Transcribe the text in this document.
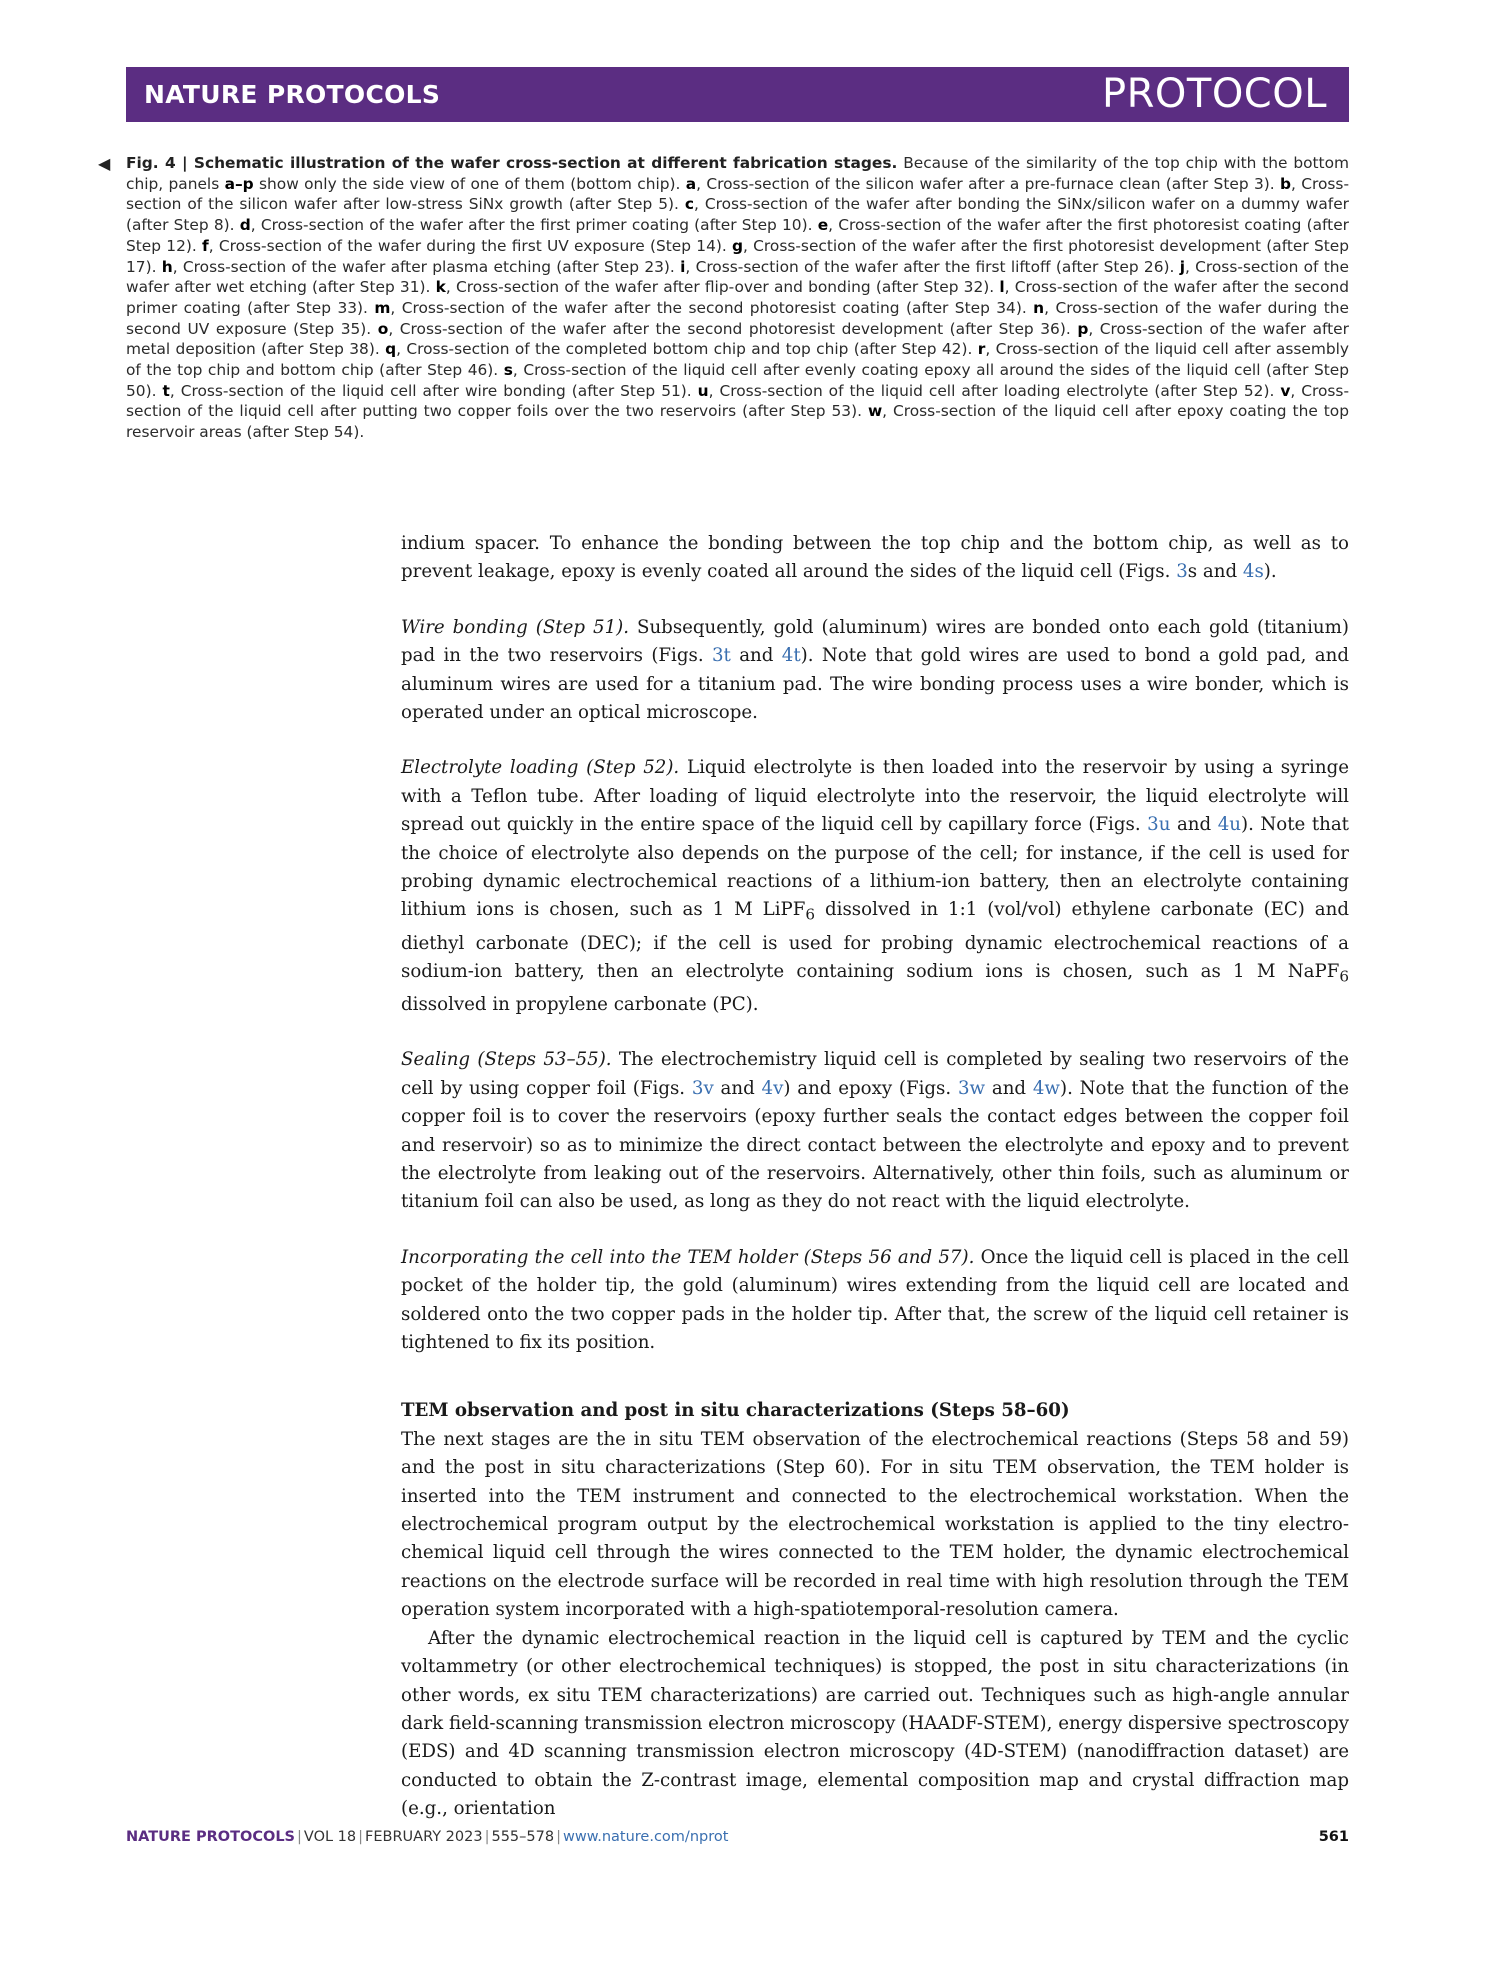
NATURE PROTOCOLS	PROTOCOL
◀ Fig. 4 | Schematic illustration of the wafer cross-section at different fabrication stages. Because of the similarity of the top chip with the bottom chip, panels a–p show only the side view of one of them (bottom chip). a, Cross-section of the silicon wafer after a pre-furnace clean (after Step 3). b, Cross-section of the silicon wafer after low-stress SiNx growth (after Step 5). c, Cross-section of the wafer after bonding the SiNx/silicon wafer on a dummy wafer (after Step 8). d, Cross-section of the wafer after the first primer coating (after Step 10). e, Cross-section of the wafer after the first photoresist coating (after Step 12). f, Cross-section of the wafer during the first UV exposure (Step 14). g, Cross-section of the wafer after the first photoresist development (after Step 17). h, Cross-section of the wafer after plasma etching (after Step 23). i, Cross-section of the wafer after the first liftoff (after Step 26). j, Cross-section of the wafer after wet etching (after Step 31). k, Cross-section of the wafer after flip-over and bonding (after Step 32). l, Cross-section of the wafer after the second primer coating (after Step 33). m, Cross-section of the wafer after the second photoresist coating (after Step 34). n, Cross-section of the wafer during the second UV exposure (Step 35). o, Cross-section of the wafer after the second photoresist development (after Step 36). p, Cross-section of the wafer after metal deposition (after Step 38). q, Cross-section of the completed bottom chip and top chip (after Step 42). r, Cross-section of the liquid cell after assembly of the top chip and bottom chip (after Step 46). s, Cross-section of the liquid cell after evenly coating epoxy all around the sides of the liquid cell (after Step 50). t, Cross-section of the liquid cell after wire bonding (after Step 51). u, Cross-section of the liquid cell after loading electrolyte (after Step 52). v, Cross-section of the liquid cell after putting two copper foils over the two reservoirs (after Step 53). w, Cross-section of the liquid cell after epoxy coating the top reservoir areas (after Step 54).

indium spacer. To enhance the bonding between the top chip and the bottom chip, as well as to prevent leakage, epoxy is evenly coated all around the sides of the liquid cell (Figs. 3s and 4s).

Wire bonding (Step 51). Subsequently, gold (aluminum) wires are bonded onto each gold (titanium) pad in the two reservoirs (Figs. 3t and 4t). Note that gold wires are used to bond a gold pad, and aluminum wires are used for a titanium pad. The wire bonding process uses a wire bonder, which is operated under an optical microscope.

Electrolyte loading (Step 52). Liquid electrolyte is then loaded into the reservoir by using a syringe with a Teflon tube. After loading of liquid electrolyte into the reservoir, the liquid electrolyte will spread out quickly in the entire space of the liquid cell by capillary force (Figs. 3u and 4u). Note that the choice of electrolyte also depends on the purpose of the cell; for instance, if the cell is used for probing dynamic electrochemical reactions of a lithium-ion battery, then an electrolyte containing lithium ions is chosen, such as 1 M LiPF$_6$ dissolved in 1:1 (vol/vol) ethylene carbonate (EC) and diethyl carbonate (DEC); if the cell is used for probing dynamic electrochemical reactions of a sodium-ion battery, then an electrolyte containing sodium ions is chosen, such as 1 M NaPF$_6$ dissolved in propylene carbonate (PC).

Sealing (Steps 53–55). The electrochemistry liquid cell is completed by sealing two reservoirs of the cell by using copper foil (Figs. 3v and 4v) and epoxy (Figs. 3w and 4w). Note that the function of the copper foil is to cover the reservoirs (epoxy further seals the contact edges between the copper foil and reservoir) so as to minimize the direct contact between the electrolyte and epoxy and to prevent the electrolyte from leaking out of the reservoirs. Alternatively, other thin foils, such as aluminum or titanium foil can also be used, as long as they do not react with the liquid electrolyte.

Incorporating the cell into the TEM holder (Steps 56 and 57). Once the liquid cell is placed in the cell pocket of the holder tip, the gold (aluminum) wires extending from the liquid cell are located and soldered onto the two copper pads in the holder tip. After that, the screw of the liquid cell retainer is tightened to fix its position.

TEM observation and post in situ characterizations (Steps 58–60)

The next stages are the in situ TEM observation of the electrochemical reactions (Steps 58 and 59) and the post in situ characterizations (Step 60). For in situ TEM observation, the TEM holder is inserted into the TEM instrument and connected to the electrochemical workstation. When the electrochemical program output by the electrochemical workstation is applied to the tiny electrochemical liquid cell through the wires connected to the TEM holder, the dynamic electrochemical reactions on the electrode surface will be recorded in real time with high resolution through the TEM operation system incorporated with a high-spatiotemporal-resolution camera.

After the dynamic electrochemical reaction in the liquid cell is captured by TEM and the cyclic voltammetry (or other electrochemical techniques) is stopped, the post in situ characterizations (in other words, ex situ TEM characterizations) are carried out. Techniques such as high-angle annular dark field-scanning transmission electron microscopy (HAADF-STEM), energy dispersive spectroscopy (EDS) and 4D scanning transmission electron microscopy (4D-STEM) (nanodiffraction dataset) are conducted to obtain the Z-contrast image, elemental composition map and crystal diffraction map (e.g., orientation

NATURE PROTOCOLS | VOL 18 | FEBRUARY 2023 | 555–578 | www.nature.com/nprot	561
